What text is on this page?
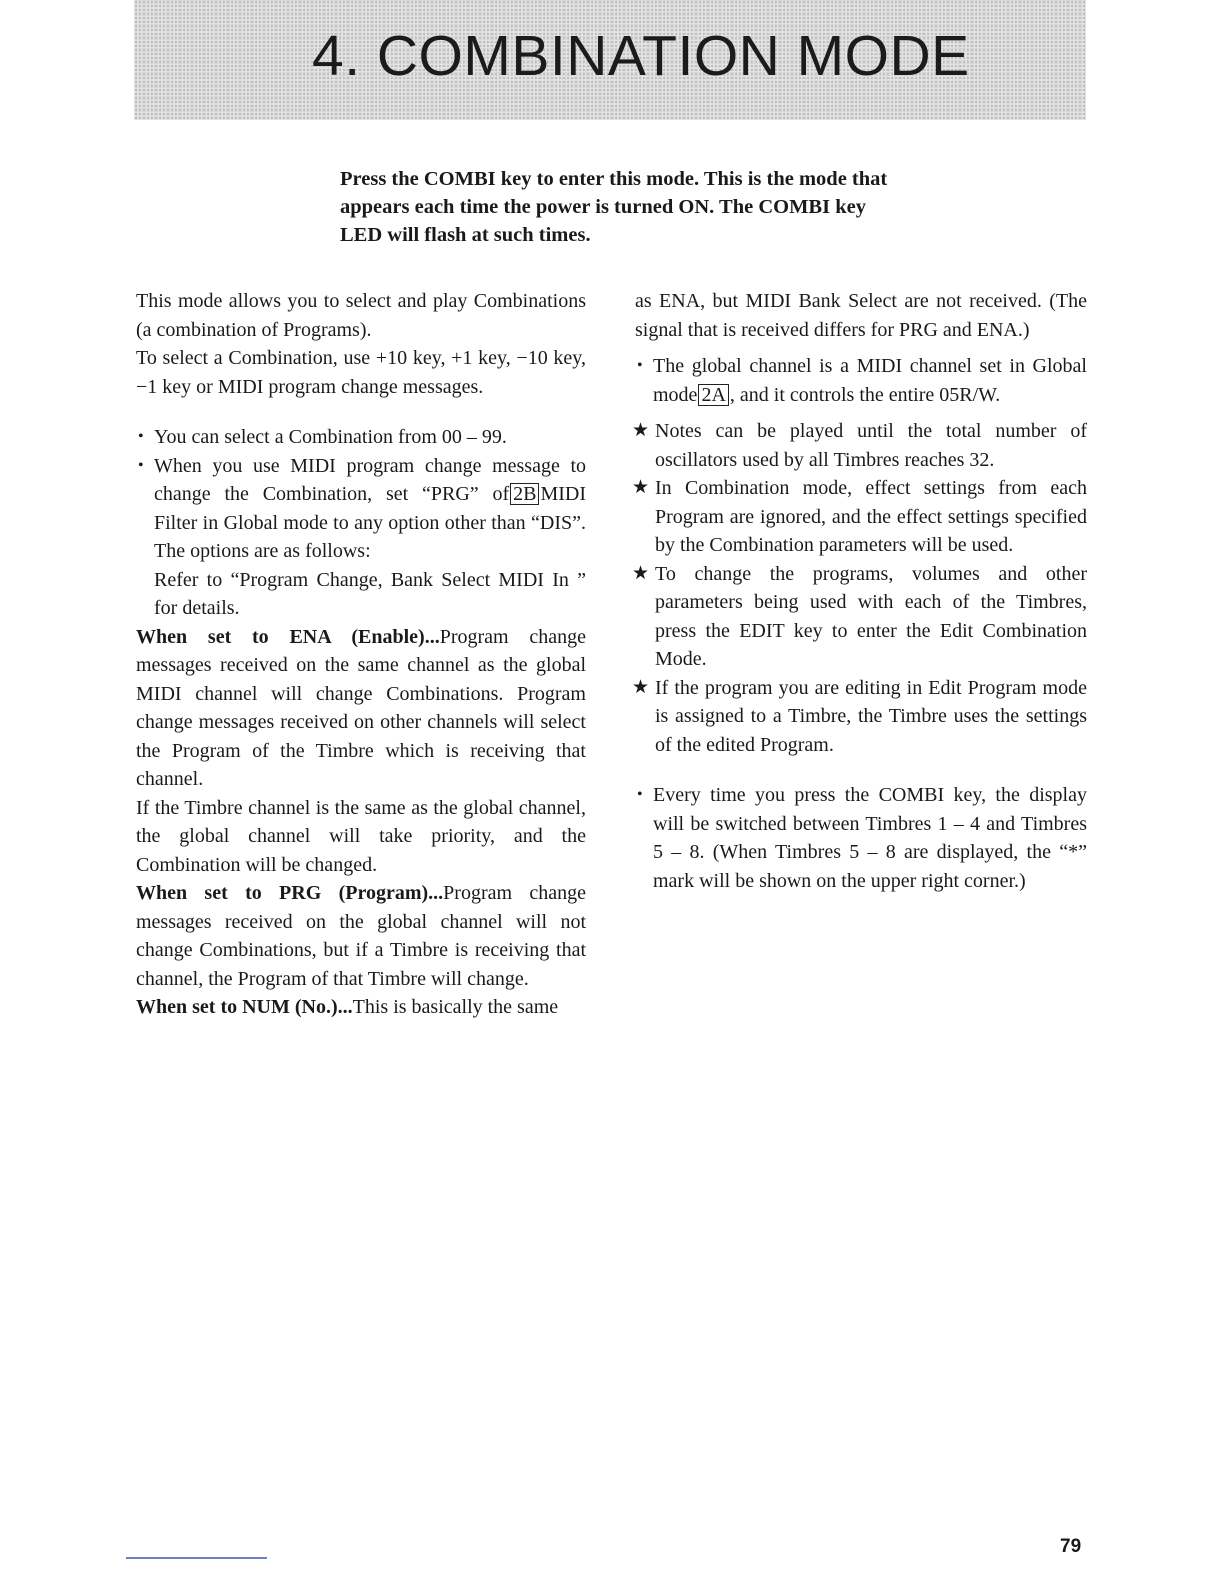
4. COMBINATION MODE
Press the COMBI key to enter this mode. This is the mode that
appears each time the power is turned ON. The COMBI key
LED will flash at such times.

This mode allows you to select and play Combinations (a combination of Programs).

To select a Combination, use +10 key, +1 key, −10 key, −1 key or MIDI program change messages.

• You can select a Combination from 00 – 99.
• When you use MIDI program change message to change the Combination, set “PRG” of 2B MIDI Filter in Global mode to any option other than “DIS”. The options are as follows:
Refer to “Program Change, Bank Select MIDI In ” for details.

When set to ENA (Enable)...Program change messages received on the same channel as the global MIDI channel will change Combinations. Program change messages received on other channels will select the Program of the Timbre which is receiving that channel.

If the Timbre channel is the same as the global channel, the global channel will take priority, and the Combination will be changed.

When set to PRG (Program)...Program change messages received on the global channel will not change Combinations, but if a Timbre is receiving that channel, the Program of that Timbre will change.

When set to NUM (No.)...This is basically the same

as ENA, but MIDI Bank Select are not received. (The signal that is received differs for PRG and ENA.)

• The global channel is a MIDI channel set in Global mode 2A , and it controls the entire 05R/W.
★ Notes can be played until the total number of oscillators used by all Timbres reaches 32.
★ In Combination mode, effect settings from each Program are ignored, and the effect settings specified by the Combination parameters will be used.
★ To change the programs, volumes and other parameters being used with each of the Timbres, press the EDIT key to enter the Edit Combination Mode.
★ If the program you are editing in Edit Program mode is assigned to a Timbre, the Timbre uses the settings of the edited Program.
• Every time you press the COMBI key, the display will be switched between Timbres 1 – 4 and Timbres 5 – 8. (When Timbres 5 – 8 are displayed, the “*” mark will be shown on the upper right corner.)
79
